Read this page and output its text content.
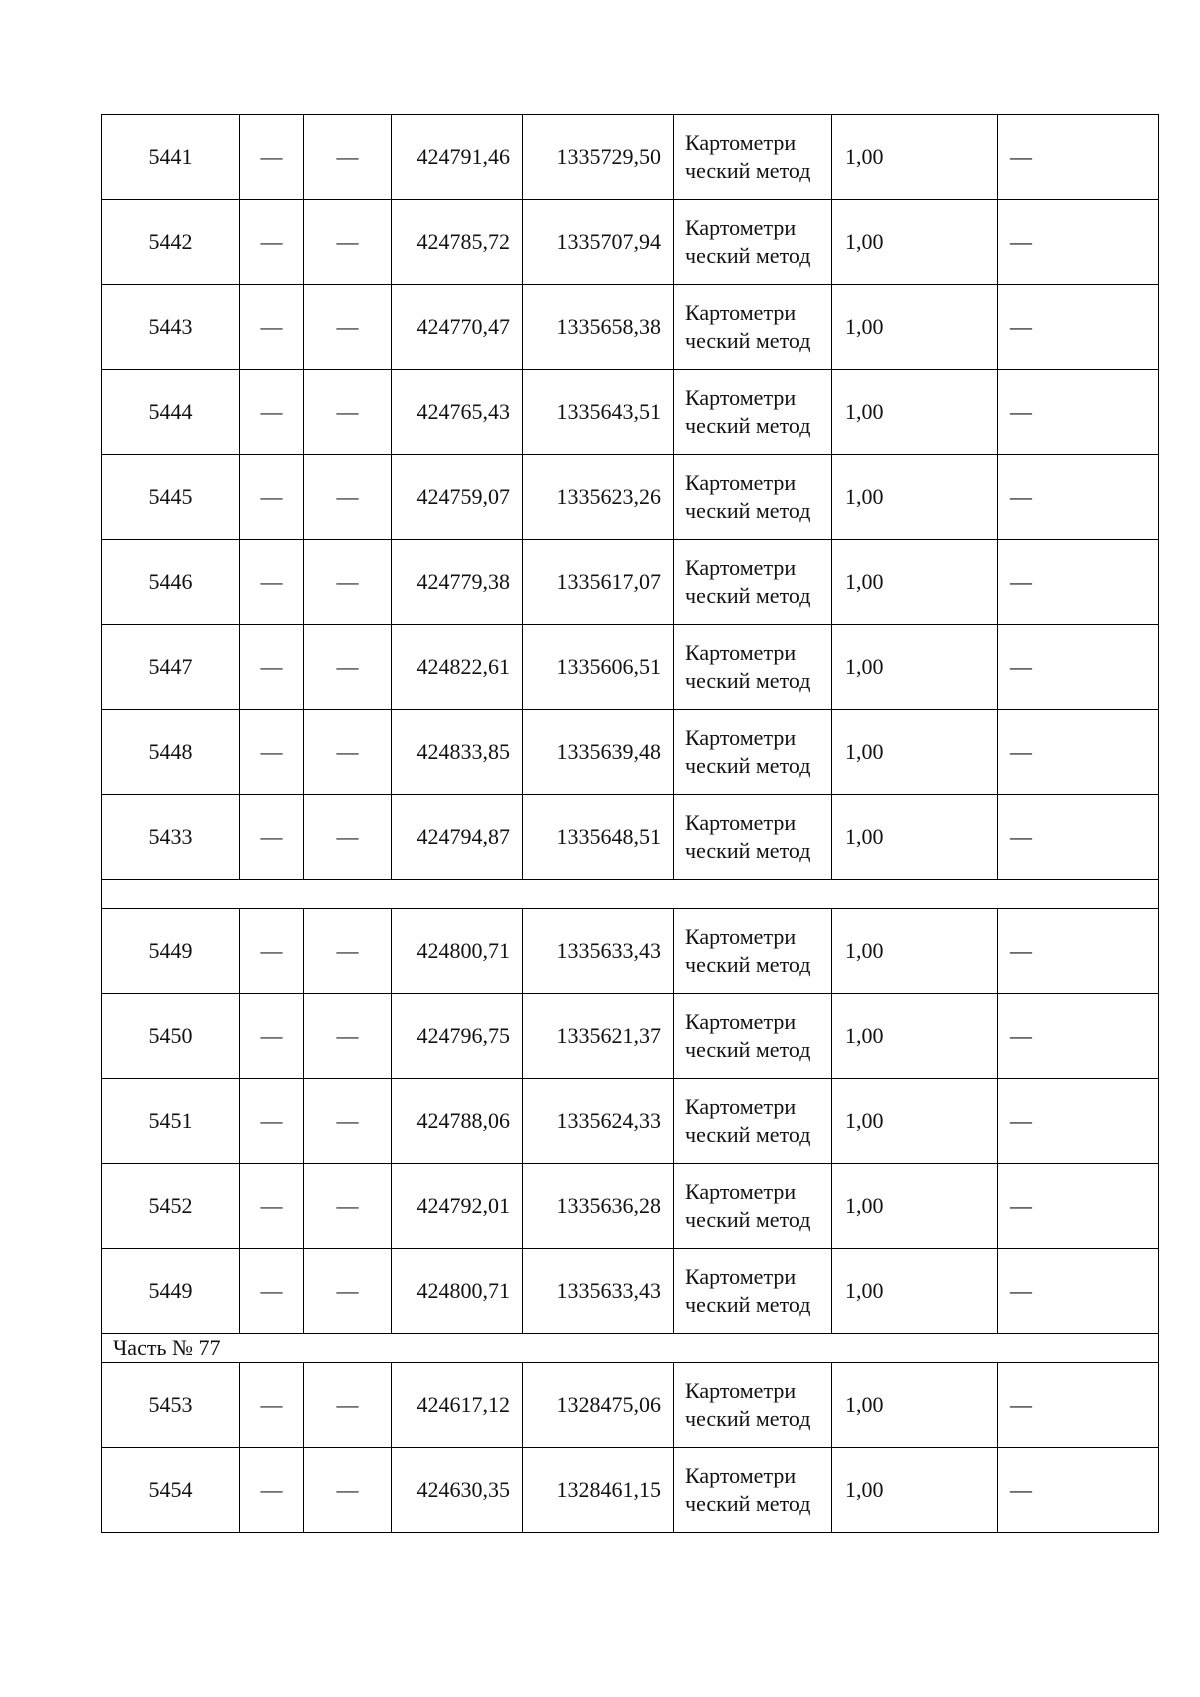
5441	—	—	424791,46	1335729,50	Картометри ческий метод	1,00	—
5442	—	—	424785,72	1335707,94	Картометри ческий метод	1,00	—
5443	—	—	424770,47	1335658,38	Картометри ческий метод	1,00	—
5444	—	—	424765,43	1335643,51	Картометри ческий метод	1,00	—
5445	—	—	424759,07	1335623,26	Картометри ческий метод	1,00	—
5446	—	—	424779,38	1335617,07	Картометри ческий метод	1,00	—
5447	—	—	424822,61	1335606,51	Картометри ческий метод	1,00	—
5448	—	—	424833,85	1335639,48	Картометри ческий метод	1,00	—
5433	—	—	424794,87	1335648,51	Картометри ческий метод	1,00	—

5449	—	—	424800,71	1335633,43	Картометри ческий метод	1,00	—
5450	—	—	424796,75	1335621,37	Картометри ческий метод	1,00	—
5451	—	—	424788,06	1335624,33	Картометри ческий метод	1,00	—
5452	—	—	424792,01	1335636,28	Картометри ческий метод	1,00	—
5449	—	—	424800,71	1335633,43	Картометри ческий метод	1,00	—
Часть № 77							
5453	—	—	424617,12	1328475,06	Картометри ческий метод	1,00	—
5454	—	—	424630,35	1328461,15	Картометри ческий метод	1,00	—
